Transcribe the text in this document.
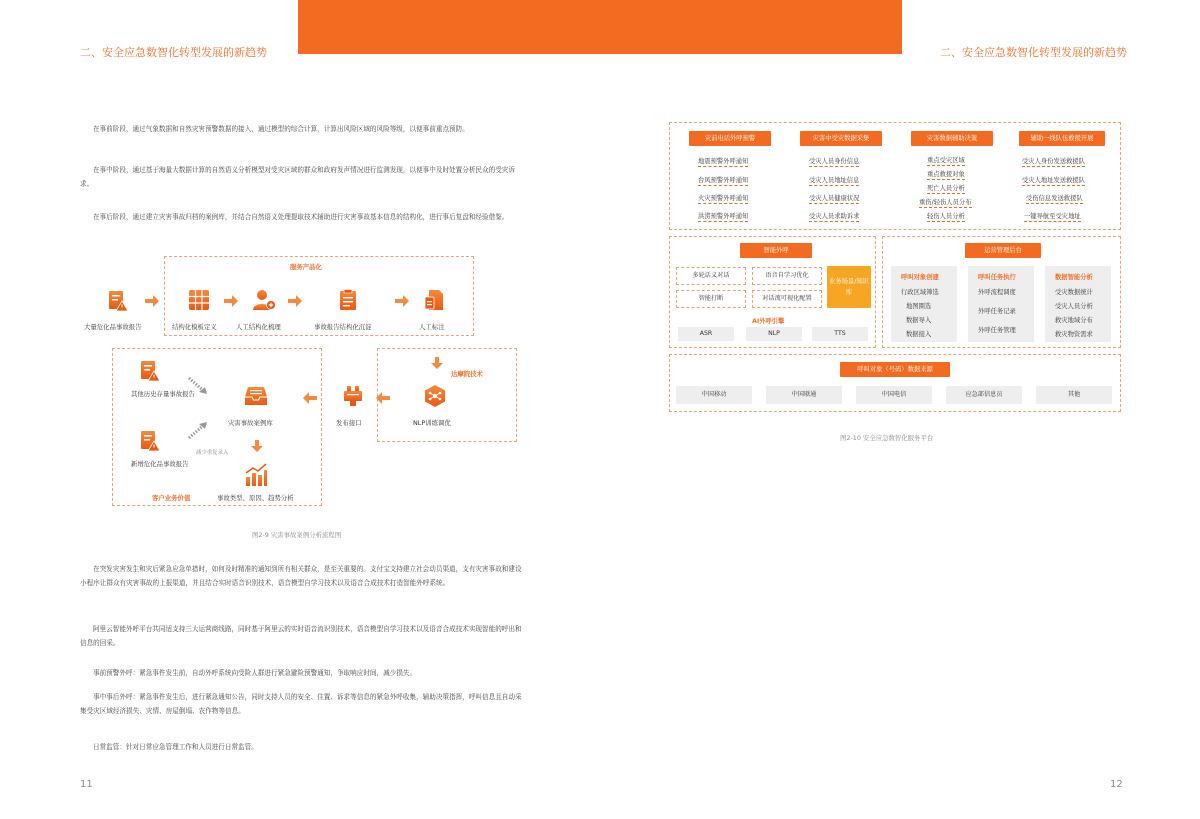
二、安全应急数智化转型发展的新趋势	二、安全应急数智化转型发展的新趋势
在事前阶段，通过气象数据和自然灾害预警数据的接入，通过模型的综合计算，计算出风险区域的风险等级，以便事前重点预防。
在事中阶段，通过基于海量大数据计算的自然语义分析模型对受灾区域的群众和政府发声情况进行监测发现，以便事中及时处置分析民众的受灾诉求。
在事后阶段，通过建立灾害事故归档的案例库，并结合自然语义处理提取技术辅助进行灾害事故基本信息的结构化，进行事后复盘和经验借鉴。
服务产品化
大量危化品事故报告	结构化模板定义	人工结构化梳理	事故报告结构化沉淀	人工标注
达摩院技术
NLP训练调优
发布接口
灾害事故案例库
其他历史存量事故报告
新增危化品事故报告
减少重复录入
客户业务价值	事故类型、原因、趋势分析
图2-9 灾害事故案例分析流程图
在突发灾害发生和灾后紧急应急单措时，如何及时精准的通知到所有相关群众，是至关重要的。支付宝支持建立社会动员渠道，支有灾害事故和建设小程序让群众有灾害事故的上报渠道，并且结合实时语音识别技术，语音模型自学习技术以及语音合成技术打造智能外呼系统。
阿里云智能外呼平台共同适支持三大运营商线路，同时基于阿里云的实时语音流识别技术，语音模型自学习技术以及语音合成技术实现智能的呼出和信息的回采。
事前预警外呼：紧急事件发生前，自动外呼系统向受险人群进行紧急避险预警通知，争取响应时间，减少损失。
事中事后外呼：紧急事件发生后，进行紧急通知公告，同时支持人员的安全、住置、诉求等信息的紧急外呼收集，辅助决策指挥，呼叫信息且自动采集受灾区域经济损失、灾情、房屋倒塌、农作物等信息。
日常监管：针对日常应急管理工作和人员进行日常监管。
11
灾前电话外呼预警
地震预警外呼通知
台风预警外呼通知
火灾预警外呼通知
洪涝预警外呼通知
灾害中受灾数据采集
受灾人员身份信息
受灾人员地址信息
受灾人员健康状况
受灾人员求助诉求
灾害数据辅助决策
重点受灾区域
重点救援对象
死亡人员分析
重伤/轻伤人员分布
轻伤人员分析
辅助一线队伍救援开展
受灾人身份发送救援队
受灾人地址发送救援队
受伤信息发送救援队
一键导航至受灾地址
智能外呼
多轮话义对话	语音自学习优化
智能打断	对话流可视化配置
业务场景/知识库
AI外呼引擎
ASR	NLP	TTS
运营管理后台
呼叫对象创建
行政区域筛选
地图圈选
数据导入
数据接入
呼叫任务执行
外呼流程调度
外呼任务记录
外呼任务管理
数据智能分析
受灾数据统计
受灾人员分析
救灾地域分布
救灾物资需求
呼叫对象（号码）数据来源
中国移动	中国联通	中国电信	应急部信息员	其他
图2-10 安全应急数智化服务平台
12
